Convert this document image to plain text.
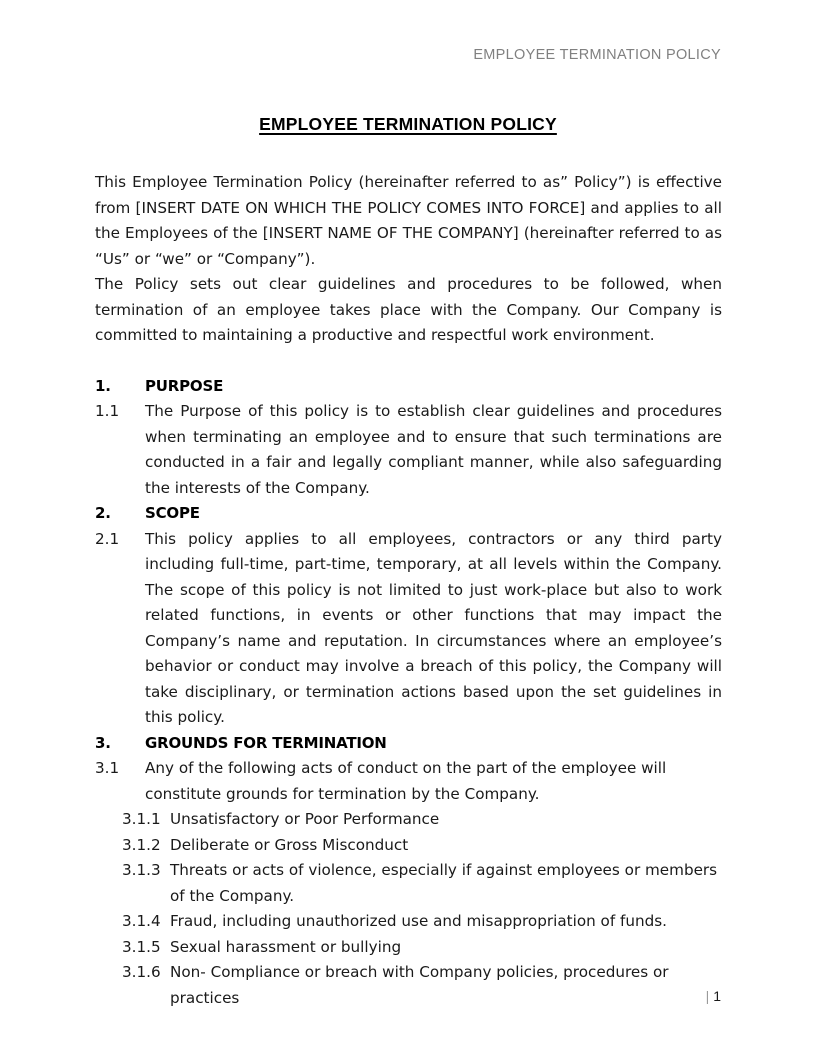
EMPLOYEE TERMINATION POLICY
EMPLOYEE TERMINATION POLICY

This Employee Termination Policy (hereinafter referred to as” Policy”) is effective from [INSERT DATE ON WHICH THE POLICY COMES INTO FORCE] and applies to all the Employees of the [INSERT NAME OF THE COMPANY] (hereinafter referred to as “Us” or “we” or “Company”).

The Policy sets out clear guidelines and procedures to be followed, when termination of an employee takes place with the Company. Our Company is committed to maintaining a productive and respectful work environment.

1.	PURPOSE
1.1	The Purpose of this policy is to establish clear guidelines and procedures when terminating an employee and to ensure that such terminations are conducted in a fair and legally compliant manner, while also safeguarding the interests of the Company.
2.	SCOPE
2.1	This policy applies to all employees, contractors or any third party including full-time, part-time, temporary, at all levels within the Company. The scope of this policy is not limited to just work-place but also to work related functions, in events or other functions that may impact the Company’s name and reputation. In circumstances where an employee’s behavior or conduct may involve a breach of this policy, the Company will take disciplinary, or termination actions based upon the set guidelines in this policy.
3.	GROUNDS FOR TERMINATION
3.1	Any of the following acts of conduct on the part of the employee will constitute grounds for termination by the Company.
3.1.1 Unsatisfactory or Poor Performance
3.1.2 Deliberate or Gross Misconduct
3.1.3 Threats or acts of violence, especially if against employees or members of the Company.
3.1.4 Fraud, including unauthorized use and misappropriation of funds.
3.1.5 Sexual harassment or bullying
3.1.6 Non- Compliance or breach with Company policies, procedures or practices	| 1
